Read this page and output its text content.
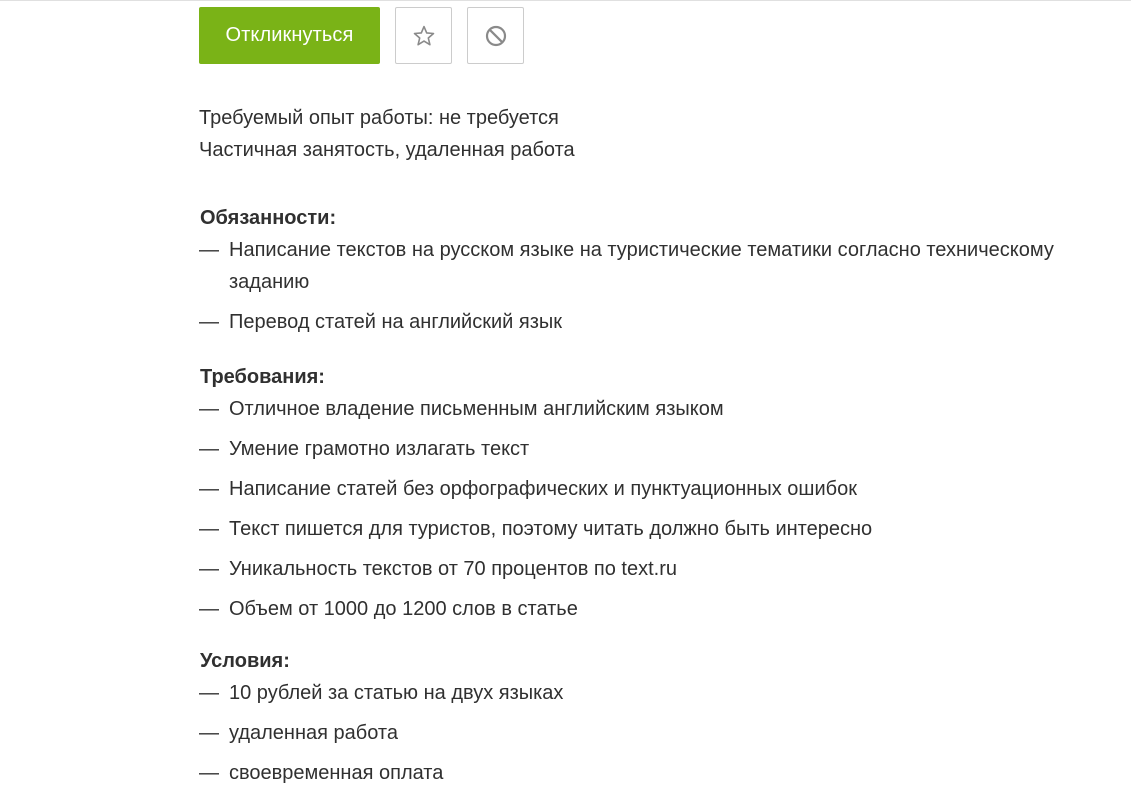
Откликнуться
Требуемый опыт работы: не требуется
Частичная занятость, удаленная работа
Обязанности:
— Написание текстов на русском языке на туристические тематики согласно техническому заданию
— Перевод статей на английский язык
Требования:
— Отличное владение письменным английским языком
— Умение грамотно излагать текст
— Написание статей без орфографических и пунктуационных ошибок
— Текст пишется для туристов, поэтому читать должно быть интересно
— Уникальность текстов от 70 процентов по text.ru
— Объем от 1000 до 1200 слов в статье
Условия:
— 10 рублей за статью на двух языках
— удаленная работа
— своевременная оплата
